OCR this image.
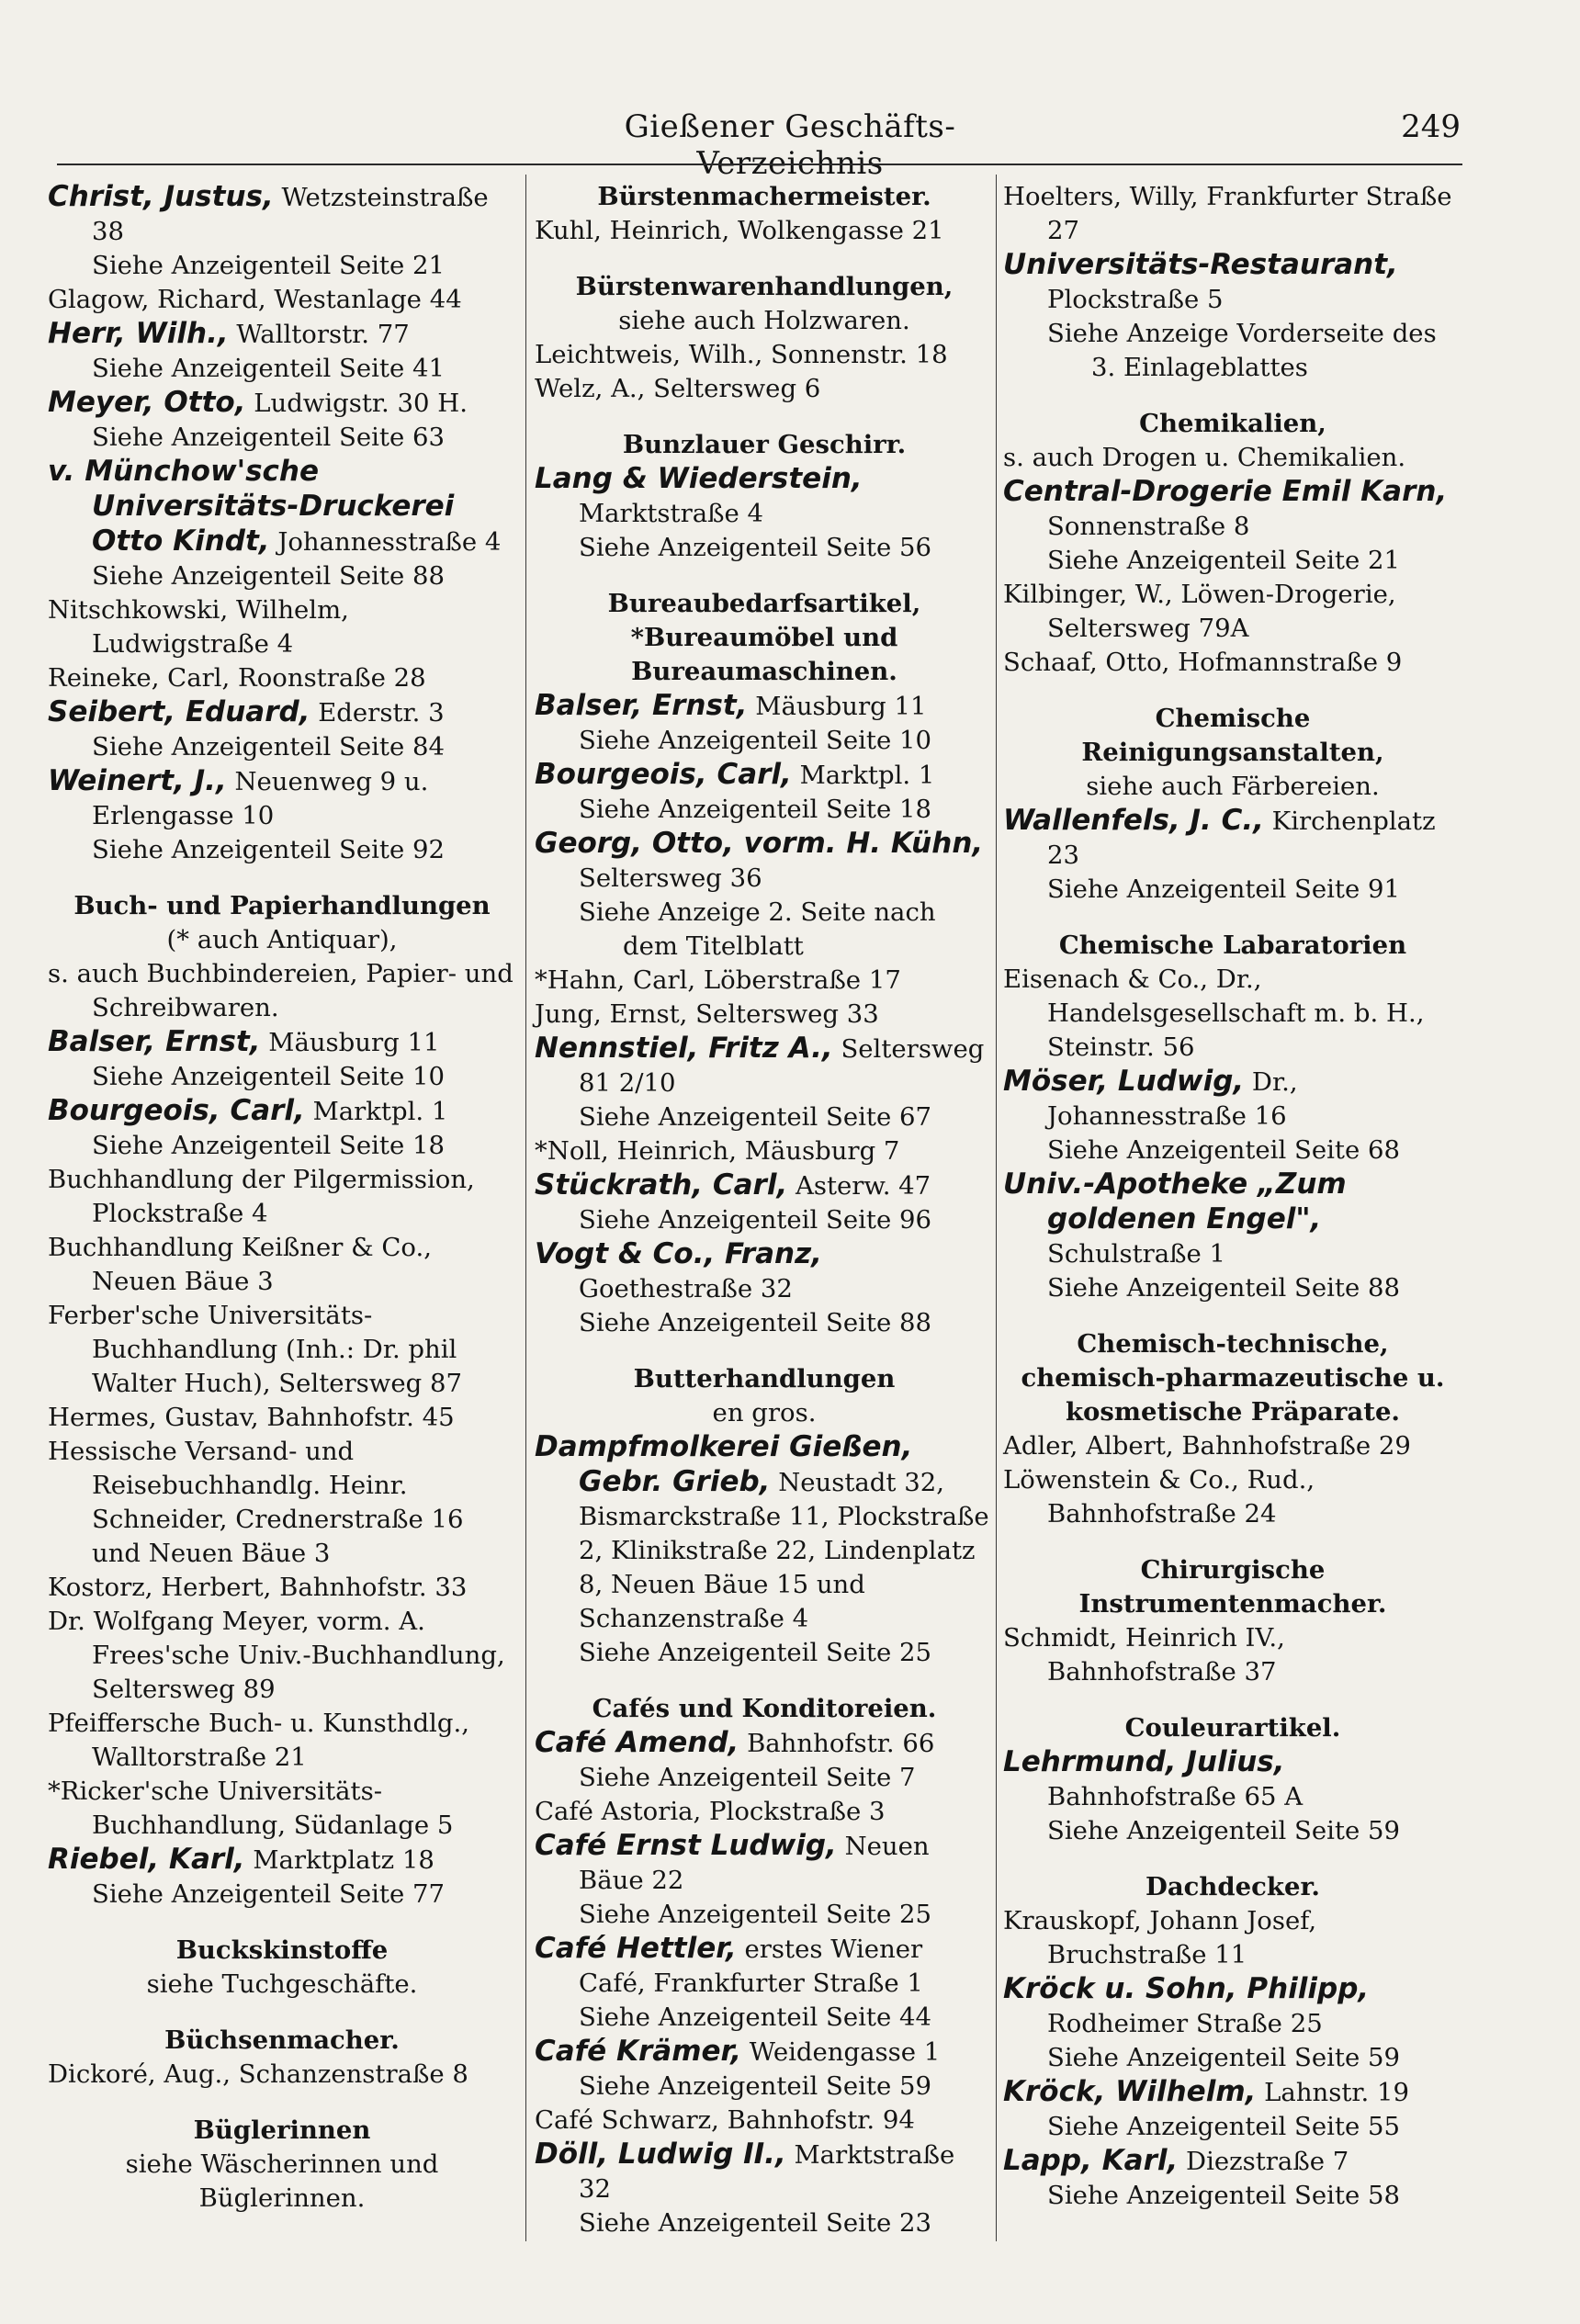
Gießener Geschäfts-Verzeichnis
249

Christ, Justus, Wetzsteinstraße 38
Siehe Anzeigenteil Seite 21

Glagow, Richard, Westanlage 44

Herr, Wilh., Walltorstr. 77
Siehe Anzeigenteil Seite 41

Meyer, Otto, Ludwigstr. 30 H.
Siehe Anzeigenteil Seite 63

v. Münchow'sche Universitäts-Druckerei Otto Kindt, Johannesstraße 4
Siehe Anzeigenteil Seite 88

Nitschkowski, Wilhelm, Ludwigstraße 4

Reineke, Carl, Roonstraße 28

Seibert, Eduard, Ederstr. 3
Siehe Anzeigenteil Seite 84

Weinert, J., Neuenweg 9 u. Erlengasse 10
Siehe Anzeigenteil Seite 92

Buch- und Papierhandlungen
(* auch Antiquar),

s. auch Buchbindereien, Papier- und Schreibwaren.

Balser, Ernst, Mäusburg 11
Siehe Anzeigenteil Seite 10

Bourgeois, Carl, Marktpl. 1
Siehe Anzeigenteil Seite 18

Buchhandlung der Pilgermission, Plockstraße 4

Buchhandlung Keißner & Co., Neuen Bäue 3

Ferber'sche Universitäts-Buchhandlung (Inh.: Dr. phil Walter Huch), Seltersweg 87

Hermes, Gustav, Bahnhofstr. 45

Hessische Versand- und Reisebuchhandlg. Heinr. Schneider, Crednerstraße 16 und Neuen Bäue 3

Kostorz, Herbert, Bahnhofstr. 33

Dr. Wolfgang Meyer, vorm. A. Frees'sche Univ.-Buchhandlung, Seltersweg 89

Pfeiffersche Buch- u. Kunsthdlg., Walltorstraße 21

*Ricker'sche Universitäts-Buchhandlung, Südanlage 5

Riebel, Karl, Marktplatz 18
Siehe Anzeigenteil Seite 77

Buckskinstoffe
siehe Tuchgeschäfte.
Büchsenmacher.

Dickoré, Aug., Schanzenstraße 8

Büglerinnen
siehe Wäscherinnen und Büglerinnen.
Bürstenmachermeister.

Kuhl, Heinrich, Wolkengasse 21

Bürstenwarenhandlungen,
siehe auch Holzwaren.

Leichtweis, Wilh., Sonnenstr. 18

Welz, A., Seltersweg 6

Bunzlauer Geschirr.

Lang & Wiederstein, Marktstraße 4
Siehe Anzeigenteil Seite 56

Bureaubedarfsartikel,
*Bureaumöbel und Bureaumaschinen.

Balser, Ernst, Mäusburg 11
Siehe Anzeigenteil Seite 10

Bourgeois, Carl, Marktpl. 1
Siehe Anzeigenteil Seite 18

Georg, Otto, vorm. H. Kühn, Seltersweg 36
Siehe Anzeige 2. Seite nach dem Titelblatt

*Hahn, Carl, Löberstraße 17

Jung, Ernst, Seltersweg 33

Nennstiel, Fritz A., Seltersweg 81 2/10
Siehe Anzeigenteil Seite 67

*Noll, Heinrich, Mäusburg 7

Stückrath, Carl, Asterw. 47
Siehe Anzeigenteil Seite 96

Vogt & Co., Franz, Goethestraße 32
Siehe Anzeigenteil Seite 88

Butterhandlungen
en gros.

Dampfmolkerei Gießen, Gebr. Grieb, Neustadt 32, Bismarckstraße 11, Plockstraße 2, Klinikstraße 22, Lindenplatz 8, Neuen Bäue 15 und Schanzenstraße 4
Siehe Anzeigenteil Seite 25

Cafés und Konditoreien.

Café Amend, Bahnhofstr. 66
Siehe Anzeigenteil Seite 7

Café Astoria, Plockstraße 3

Café Ernst Ludwig, Neuen Bäue 22
Siehe Anzeigenteil Seite 25

Café Hettler, erstes Wiener Café, Frankfurter Straße 1
Siehe Anzeigenteil Seite 44

Café Krämer, Weidengasse 1
Siehe Anzeigenteil Seite 59

Café Schwarz, Bahnhofstr. 94

Döll, Ludwig II., Marktstraße 32
Siehe Anzeigenteil Seite 23

Hoelters, Willy, Frankfurter Straße 27

Universitäts-Restaurant, Plockstraße 5
Siehe Anzeige Vorderseite des 3. Einlageblattes

Chemikalien,

s. auch Drogen u. Chemikalien.

Central-Drogerie Emil Karn, Sonnenstraße 8
Siehe Anzeigenteil Seite 21

Kilbinger, W., Löwen-Drogerie, Seltersweg 79A

Schaaf, Otto, Hofmannstraße 9

Chemische Reinigungsanstalten,
siehe auch Färbereien.

Wallenfels, J. C., Kirchenplatz 23
Siehe Anzeigenteil Seite 91

Chemische Labaratorien

Eisenach & Co., Dr., Handelsgesellschaft m. b. H., Steinstr. 56

Möser, Ludwig, Dr., Johannesstraße 16
Siehe Anzeigenteil Seite 68

Univ.-Apotheke „Zum goldenen Engel", Schulstraße 1
Siehe Anzeigenteil Seite 88

Chemisch-technische, chemisch-pharmazeutische u. kosmetische Präparate.

Adler, Albert, Bahnhofstraße 29

Löwenstein & Co., Rud., Bahnhofstraße 24

Chirurgische Instrumentenmacher.

Schmidt, Heinrich IV., Bahnhofstraße 37

Couleurartikel.

Lehrmund, Julius, Bahnhofstraße 65 A
Siehe Anzeigenteil Seite 59

Dachdecker.

Krauskopf, Johann Josef, Bruchstraße 11

Kröck u. Sohn, Philipp, Rodheimer Straße 25
Siehe Anzeigenteil Seite 59

Kröck, Wilhelm, Lahnstr. 19
Siehe Anzeigenteil Seite 55

Lapp, Karl, Diezstraße 7
Siehe Anzeigenteil Seite 58
